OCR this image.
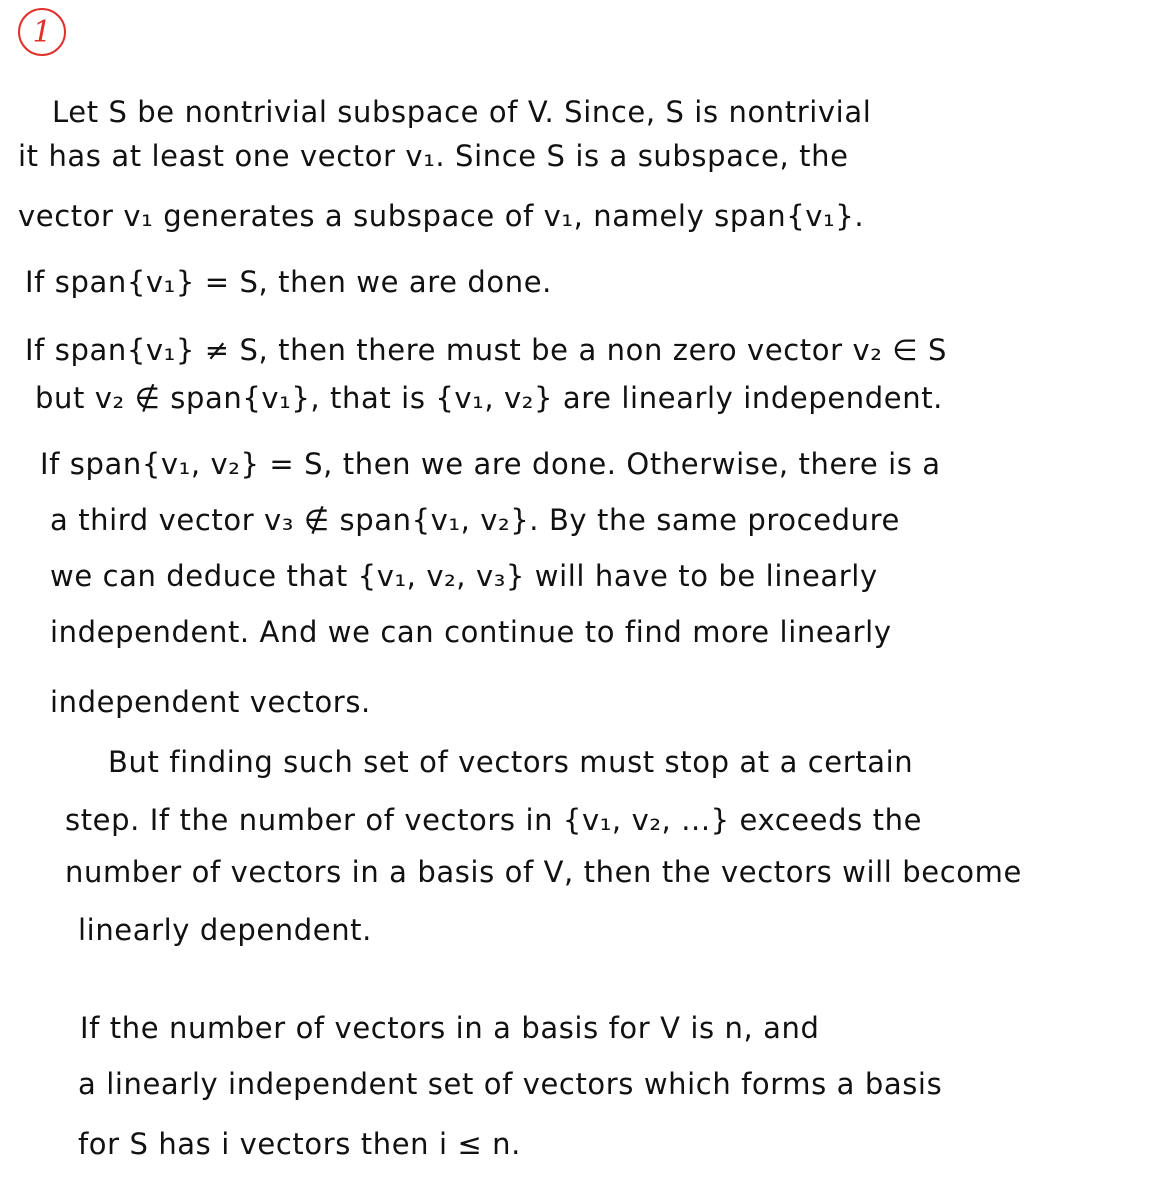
1
Let S be nontrivial subspace of V. Since, S is nontrivial
it has at least one vector v₁. Since S is a subspace, the
vector v₁ generates a subspace of v₁, namely span{v₁}.
If span{v₁} = S, then we are done.
If span{v₁} ≠ S, then there must be a non zero vector v₂ ∈ S
but v₂ ∉ span{v₁}, that is {v₁, v₂} are linearly independent.
If span{v₁, v₂} = S, then we are done. Otherwise, there is a
a third vector v₃ ∉ span{v₁, v₂}. By the same procedure
we can deduce that {v₁, v₂, v₃} will have to be linearly
independent. And we can continue to find more linearly
independent vectors.
But finding such set of vectors must stop at a certain
step. If the number of vectors in {v₁, v₂, ...} exceeds the
number of vectors in a basis of V, then the vectors will become
linearly dependent.
If the number of vectors in a basis for V is n, and
a linearly independent set of vectors which forms a basis
for S has i vectors then i ≤ n.
